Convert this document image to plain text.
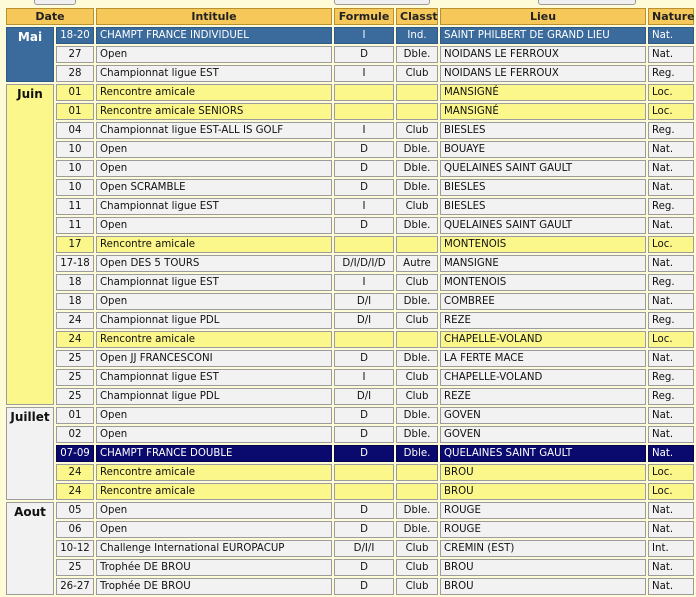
Date		Intitule	Formule	Classt	Lieu	Nature
Mai	18-20	CHAMPT FRANCE INDIVIDUEL	I	Ind.	SAINT PHILBERT DE GRAND LIEU	Nat.
	27	Open	D	Dble.	NOIDANS LE FERROUX	Nat.
	28	Championnat ligue EST	I	Club	NOIDANS LE FERROUX	Reg.
Juin	01	Rencontre amicale			MANSIGNÉ	Loc.
	01	Rencontre amicale SENIORS			MANSIGNÉ	Loc.
	04	Championnat ligue EST-ALL IS GOLF	I	Club	BIESLES	Reg.
	10	Open	D	Dble.	BOUAYE	Nat.
	10	Open	D	Dble.	QUELAINES SAINT GAULT	Nat.
	10	Open SCRAMBLE	D	Dble.	BIESLES	Nat.
	11	Championnat ligue EST	I	Club	BIESLES	Reg.
	11	Open	D	Dble.	QUELAINES SAINT GAULT	Nat.
	17	Rencontre amicale			MONTENOIS	Loc.
	17-18	Open DES 5 TOURS	D/I/D/I/D	Autre	MANSIGNE	Nat.
	18	Championnat ligue EST	I	Club	MONTENOIS	Reg.
	18	Open	D/I	Dble.	COMBREE	Nat.
	24	Championnat ligue PDL	D/I	Club	REZE	Reg.
	24	Rencontre amicale			CHAPELLE-VOLAND	Loc.
	25	Open JJ FRANCESCONI	D	Dble.	LA FERTE MACE	Nat.
	25	Championnat ligue EST	I	Club	CHAPELLE-VOLAND	Reg.
	25	Championnat ligue PDL	D/I	Club	REZE	Reg.
Juillet	01	Open	D	Dble.	GOVEN	Nat.
	02	Open	D	Dble.	GOVEN	Nat.
	07-09	CHAMPT FRANCE DOUBLE	D	Dble.	QUELAINES SAINT GAULT	Nat.
	24	Rencontre amicale			BROU	Loc.
	24	Rencontre amicale			BROU	Loc.
Aout	05	Open	D	Dble.	ROUGE	Nat.
	06	Open	D	Dble.	ROUGE	Nat.
	10-12	Challenge International EUROPACUP	D/I/I	Club	CREMIN (EST)	Int.
	25	Trophée DE BROU	D	Club	BROU	Nat.
	26-27	Trophée DE BROU	D	Club	BROU	Nat.
